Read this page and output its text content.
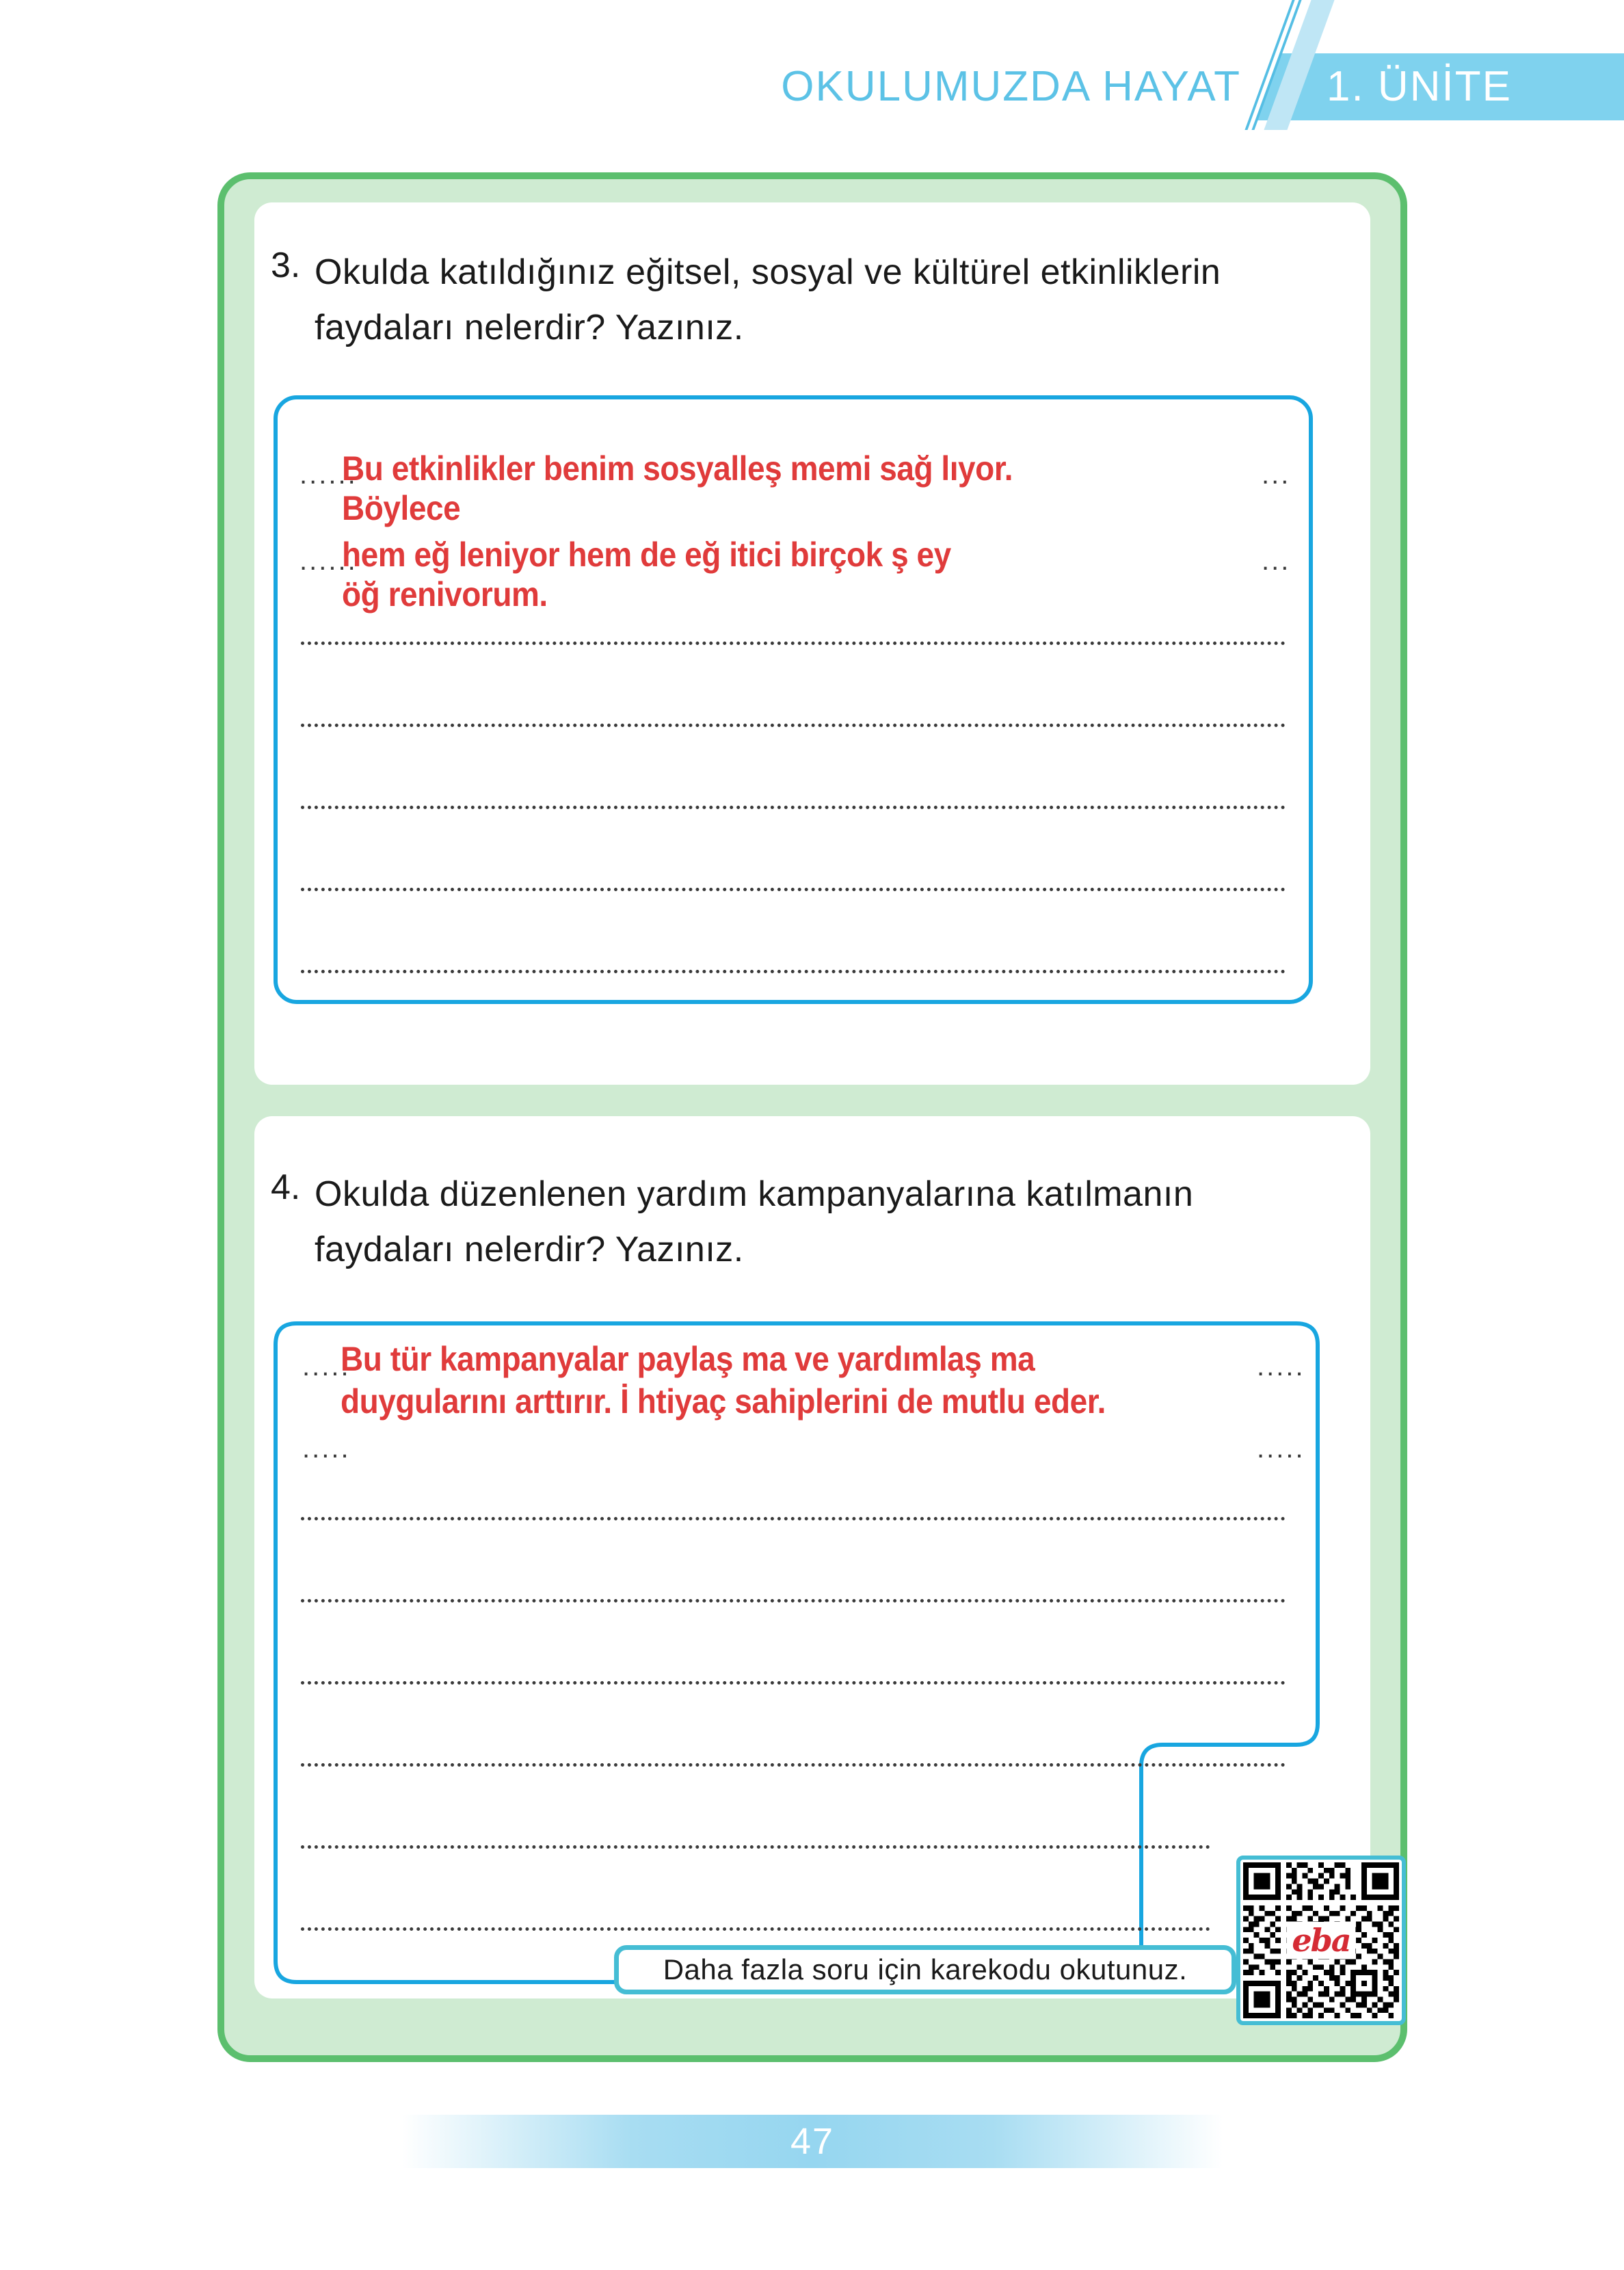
OKULUMUZDA HAYAT 1. ÜNİTE
3. Okulda katıldığınız eğitsel, sosyal ve kültürel etkinliklerin faydaları nelerdir? Yazınız.
......
Bu etkinlikler benim sosyalleş memi sağ lıyor.	...
Böylece
......
hem eğ leniyor hem de eğ itici birçok ş ey	...
öğ renivorum.
4. Okulda düzenlenen yardım kampanyalarına katılmanın faydaları nelerdir? Yazınız.
.....
Bu tür kampanyalar paylaş ma ve yardımlaş ma	.....
duygularını arttırır. İ htiyaç sahiplerini de mutlu eder.
.....	.....
eba
Daha fazla soru için karekodu okutunuz.
47
